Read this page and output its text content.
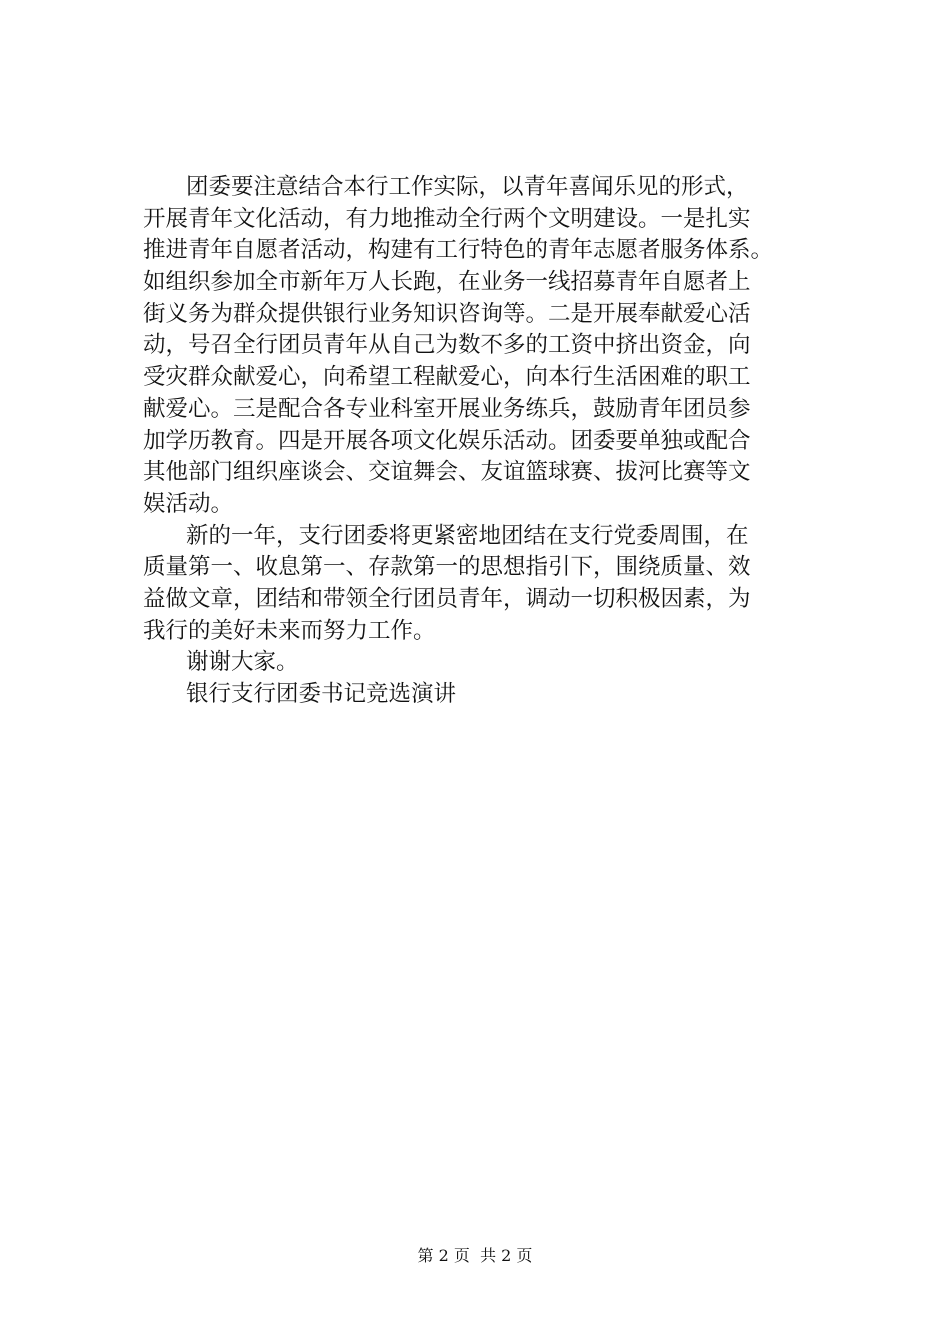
团委要注意结合本行工作实际，以青年喜闻乐见的形式，
开展青年文化活动，有力地推动全行两个文明建设。一是扎实
推进青年自愿者活动，构建有工行特色的青年志愿者服务体系。
如组织参加全市新年万人长跑，在业务一线招募青年自愿者上
街义务为群众提供银行业务知识咨询等。二是开展奉献爱心活
动，号召全行团员青年从自己为数不多的工资中挤出资金，向
受灾群众献爱心，向希望工程献爱心，向本行生活困难的职工
献爱心。三是配合各专业科室开展业务练兵，鼓励青年团员参
加学历教育。四是开展各项文化娱乐活动。团委要单独或配合
其他部门组织座谈会、交谊舞会、友谊篮球赛、拔河比赛等文
娱活动。
新的一年，支行团委将更紧密地团结在支行党委周围，在
质量第一、收息第一、存款第一的思想指引下，围绕质量、效
益做文章，团结和带领全行团员青年，调动一切积极因素，为
我行的美好未来而努力工作。
谢谢大家。
银行支行团委书记竞选演讲
第 2 页  共 2 页
